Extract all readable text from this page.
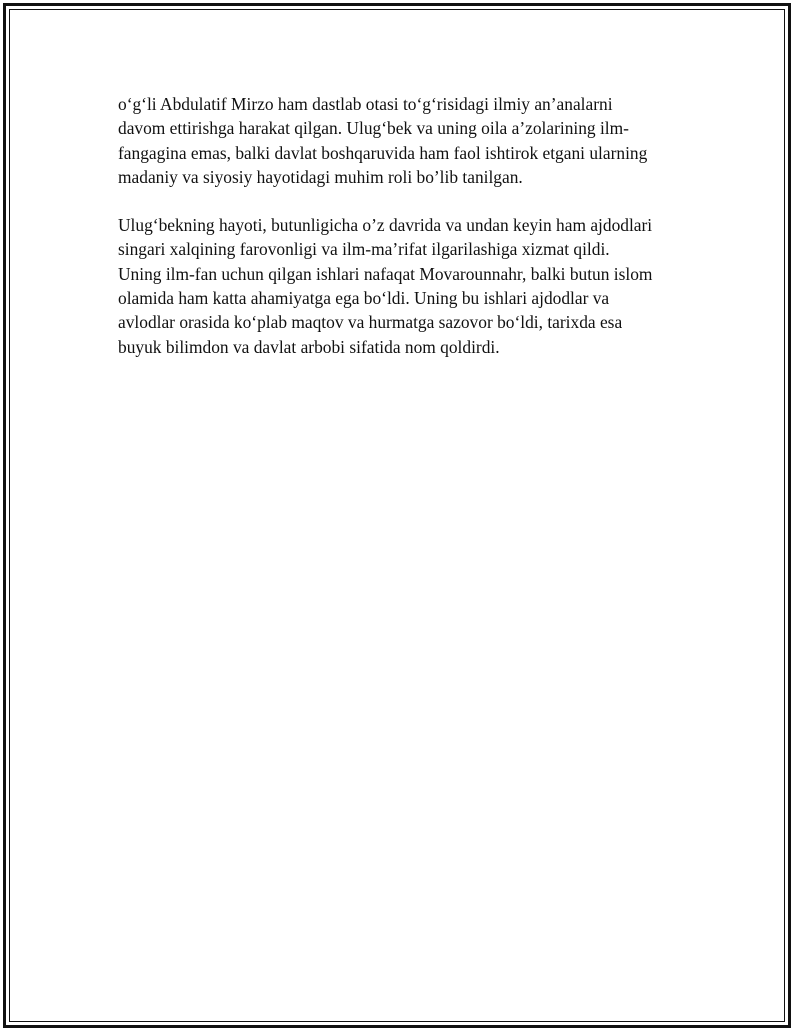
o‘g‘li Abdulatif Mirzo ham dastlab otasi to‘g‘risidagi ilmiy an’analarni
davom ettirishga harakat qilgan. Ulug‘bek va uning oila a’zolarining ilm-
fangagina emas, balki davlat boshqaruvida ham faol ishtirok etgani ularning
madaniy va siyosiy hayotidagi muhim roli bo’lib tanilgan.

Ulug‘bekning hayoti, butunligicha o’z davrida va undan keyin ham ajdodlari
singari xalqining farovonligi va ilm-ma’rifat ilgarilashiga xizmat qildi.
Uning ilm-fan uchun qilgan ishlari nafaqat Movarounnahr, balki butun islom
olamida ham katta ahamiyatga ega bo‘ldi. Uning bu ishlari ajdodlar va
avlodlar orasida ko‘plab maqtov va hurmatga sazovor bo‘ldi, tarixda esa
buyuk bilimdon va davlat arbobi sifatida nom qoldirdi.
